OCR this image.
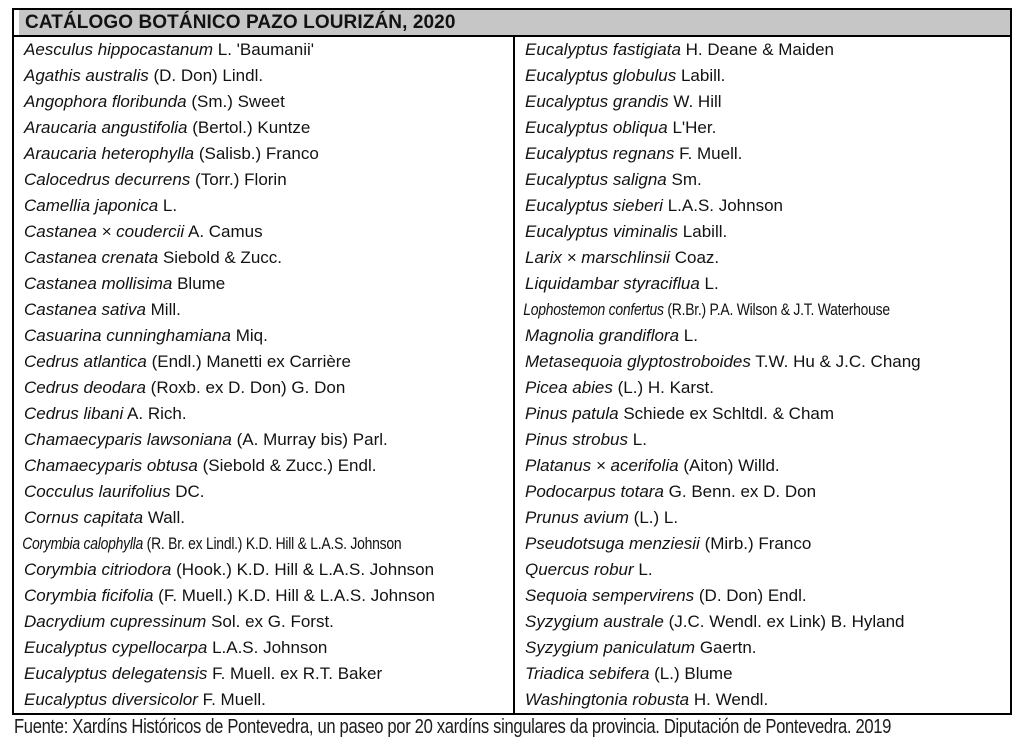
CATÁLOGO BOTÁNICO PAZO LOURIZÁN, 2020
Aesculus hippocastanum L. 'Baumanii'
Agathis australis (D. Don) Lindl.
Angophora floribunda (Sm.) Sweet
Araucaria angustifolia (Bertol.) Kuntze
Araucaria heterophylla (Salisb.) Franco
Calocedrus decurrens (Torr.) Florin
Camellia japonica L.
Castanea × coudercii A. Camus
Castanea crenata Siebold & Zucc.
Castanea mollisima Blume
Castanea sativa Mill.
Casuarina cunninghamiana Miq.
Cedrus atlantica (Endl.) Manetti ex Carrière
Cedrus deodara (Roxb. ex D. Don) G. Don
Cedrus libani A. Rich.
Chamaecyparis lawsoniana (A. Murray bis) Parl.
Chamaecyparis obtusa (Siebold & Zucc.) Endl.
Cocculus laurifolius DC.
Cornus capitata Wall.
Corymbia calophylla (R. Br. ex Lindl.) K.D. Hill & L.A.S. Johnson
Corymbia citriodora (Hook.) K.D. Hill & L.A.S. Johnson
Corymbia ficifolia (F. Muell.) K.D. Hill & L.A.S. Johnson
Dacrydium cupressinum Sol. ex G. Forst.
Eucalyptus cypellocarpa L.A.S. Johnson
Eucalyptus delegatensis F. Muell. ex R.T. Baker
Eucalyptus diversicolor F. Muell.
Eucalyptus fastigiata H. Deane & Maiden
Eucalyptus globulus Labill.
Eucalyptus grandis W. Hill
Eucalyptus obliqua L'Her.
Eucalyptus regnans F. Muell.
Eucalyptus saligna Sm.
Eucalyptus sieberi L.A.S. Johnson
Eucalyptus viminalis Labill.
Larix × marschlinsii Coaz.
Liquidambar styraciflua L.
Lophostemon confertus (R.Br.) P.A. Wilson & J.T. Waterhouse
Magnolia grandiflora L.
Metasequoia glyptostroboides T.W. Hu & J.C. Chang
Picea abies (L.) H. Karst.
Pinus patula Schiede ex Schltdl. & Cham
Pinus strobus L.
Platanus × acerifolia (Aiton) Willd.
Podocarpus totara G. Benn. ex D. Don
Prunus avium (L.) L.
Pseudotsuga menziesii (Mirb.) Franco
Quercus robur L.
Sequoia sempervirens (D. Don) Endl.
Syzygium australe (J.C. Wendl. ex Link) B. Hyland
Syzygium paniculatum Gaertn.
Triadica sebifera (L.) Blume
Washingtonia robusta H. Wendl.
Fuente: Xardíns Históricos de Pontevedra, un paseo por 20 xardíns singulares da provincia. Diputación de Pontevedra. 2019
